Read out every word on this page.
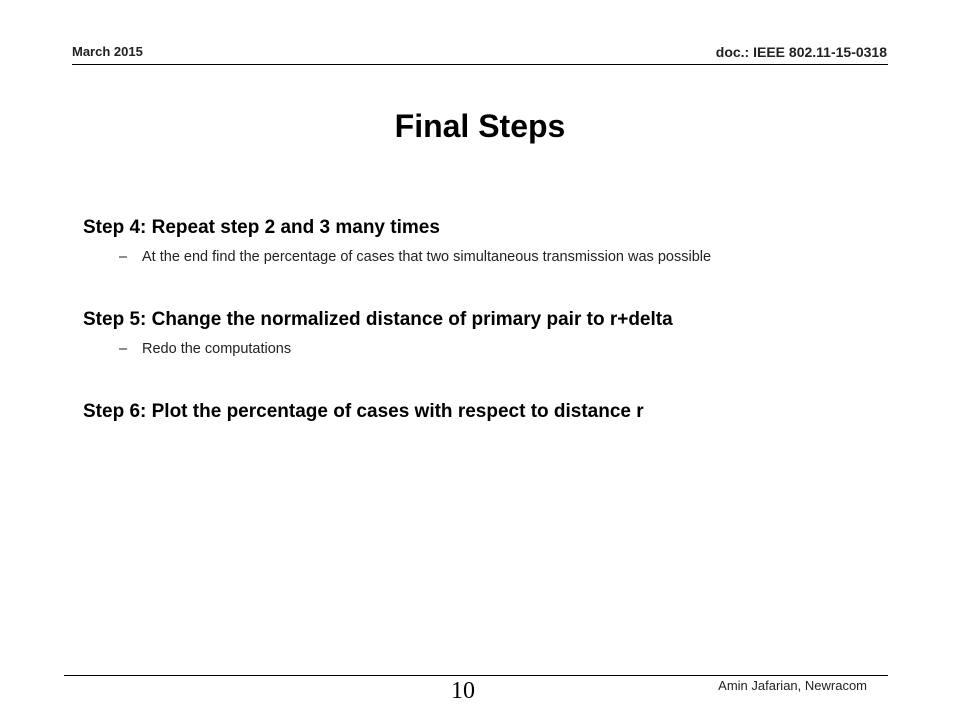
March 2015	doc.: IEEE 802.11-15-0318
Final Steps
Step 4: Repeat step 2 and 3 many times
– At the end find the percentage of cases that two simultaneous transmission was possible
Step 5: Change the normalized distance of primary pair to r+delta
– Redo the computations
Step 6: Plot the percentage of cases with respect to distance r
10	Amin Jafarian, Newracom
